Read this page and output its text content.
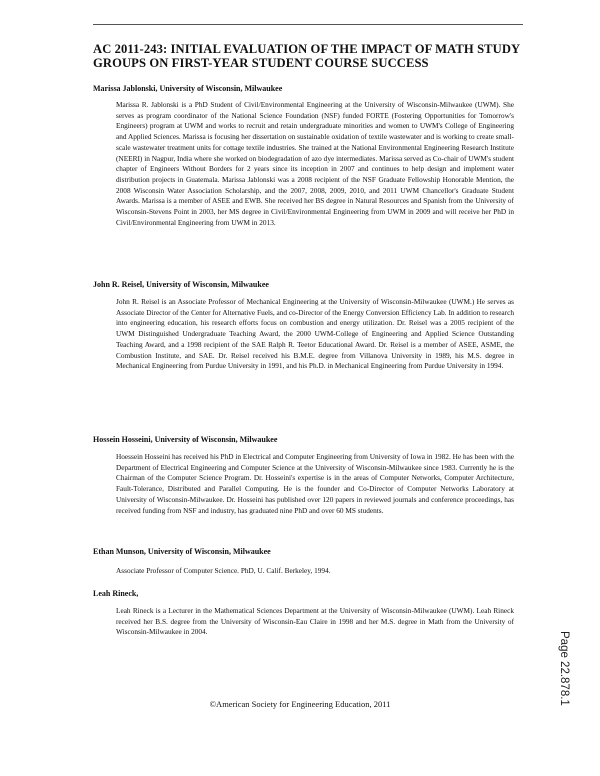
AC 2011-243: INITIAL EVALUATION OF THE IMPACT OF MATH STUDY GROUPS ON FIRST-YEAR STUDENT COURSE SUCCESS
Marissa Jablonski, University of Wisconsin, Milwaukee
Marissa R. Jablonski is a PhD Student of Civil/Environmental Engineering at the University of Wisconsin-Milwaukee (UWM). She serves as program coordinator of the National Science Foundation (NSF) funded FORTE (Fostering Opportunities for Tomorrow's Engineers) program at UWM and works to recruit and retain undergraduate minorities and women to UWM's College of Engineering and Applied Sciences. Marissa is focusing her dissertation on sustainable oxidation of textile wastewater and is working to create small-scale wastewater treatment units for cottage textile industries. She trained at the National Environmental Engineering Research Institute (NEERI) in Nagpur, India where she worked on biodegradation of azo dye intermediates. Marissa served as Co-chair of UWM's student chapter of Engineers Without Borders for 2 years since its inception in 2007 and continues to help design and implement water distribution projects in Guatemala. Marissa Jablonski was a 2008 recipient of the NSF Graduate Fellowship Honorable Mention, the 2008 Wisconsin Water Association Scholarship, and the 2007, 2008, 2009, 2010, and 2011 UWM Chancellor's Graduate Student Awards. Marissa is a member of ASEE and EWB. She received her BS degree in Natural Resources and Spanish from the University of Wisconsin-Stevens Point in 2003, her MS degree in Civil/Environmental Engineering from UWM in 2009 and will receive her PhD in Civil/Environmental Engineering from UWM in 2013.
John R. Reisel, University of Wisconsin, Milwaukee
John R. Reisel is an Associate Professor of Mechanical Engineering at the University of Wisconsin-Milwaukee (UWM.) He serves as Associate Director of the Center for Alternative Fuels, and co-Director of the Energy Conversion Efficiency Lab. In addition to research into engineering education, his research efforts focus on combustion and energy utilization. Dr. Reisel was a 2005 recipient of the UWM Distinguished Undergraduate Teaching Award, the 2000 UWM-College of Engineering and Applied Science Outstanding Teaching Award, and a 1998 recipient of the SAE Ralph R. Teetor Educational Award. Dr. Reisel is a member of ASEE, ASME, the Combustion Institute, and SAE. Dr. Reisel received his B.M.E. degree from Villanova University in 1989, his M.S. degree in Mechanical Engineering from Purdue University in 1991, and his Ph.D. in Mechanical Engineering from Purdue University in 1994.
Hossein Hosseini, University of Wisconsin, Milwaukee
Hoessein Hosseini has received his PhD in Electrical and Computer Engineering from University of Iowa in 1982. He has been with the Department of Electrical Engineering and Computer Science at the University of Wisconsin-Milwaukee since 1983. Currently he is the Chairman of the Computer Science Program. Dr. Hosseini's expertise is in the areas of Computer Networks, Computer Architecture, Fault-Tolerance, Distributed and Parallel Computing. He is the founder and Co-Director of Computer Networks Laboratory at University of Wisconsin-Milwaukee. Dr. Hosseini has published over 120 papers in reviewed journals and conference proceedings, has received funding from NSF and industry, has graduated nine PhD and over 60 MS students.
Ethan Munson, University of Wisconsin, Milwaukee
Associate Professor of Computer Science. PhD, U. Calif. Berkeley, 1994.
Leah Rineck,
Leah Rineck is a Lecturer in the Mathematical Sciences Department at the University of Wisconsin-Milwaukee (UWM). Leah Rineck received her B.S. degree from the University of Wisconsin-Eau Claire in 1998 and her M.S. degree in Math from the University of Wisconsin-Milwaukee in 2004.
©American Society for Engineering Education, 2011	Page 22.878.1
